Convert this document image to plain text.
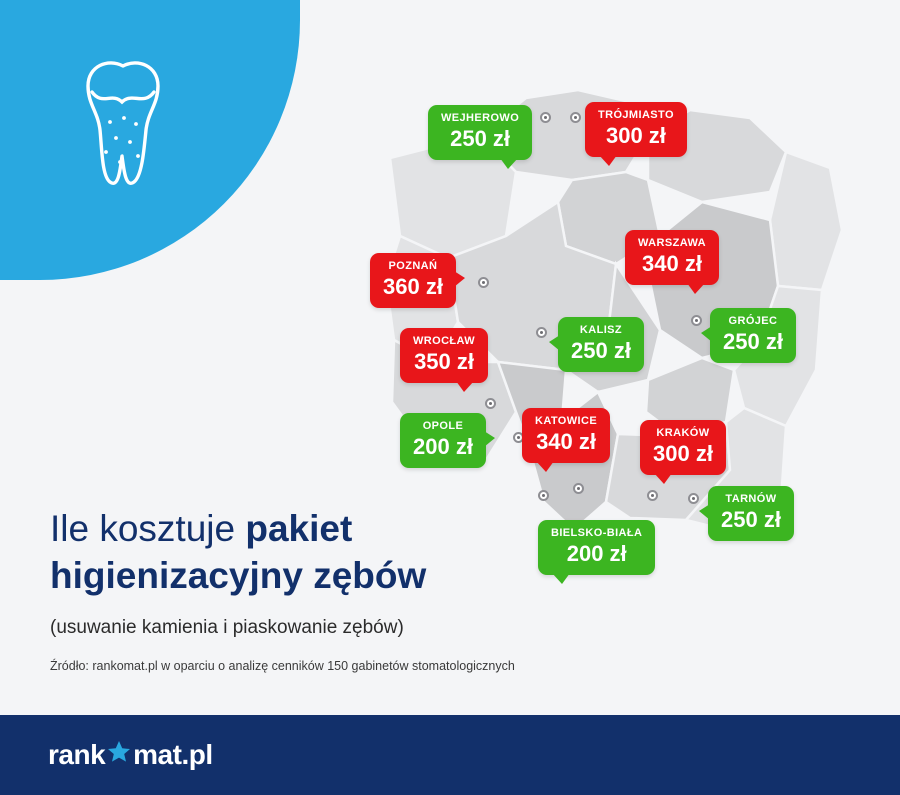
WEJHEROWO
250 zł
TRÓJMIASTO
300 zł
WARSZAWA
340 zł
POZNAŃ
360 zł
GRÓJEC
250 zł
KALISZ
250 zł
WROCŁAW
350 zł
OPOLE
200 zł
KATOWICE
340 zł	KRAKÓW
300 zł
TARNÓW
250 zł
BIELSKO-BIAŁA
200 zł
Ile kosztuje pakiet
higienizacyjny zębów
(usuwanie kamienia i piaskowanie zębów)
Źródło: rankomat.pl w oparciu o analizę cenników 150 gabinetów stomatologicznych
rank mat.pl
